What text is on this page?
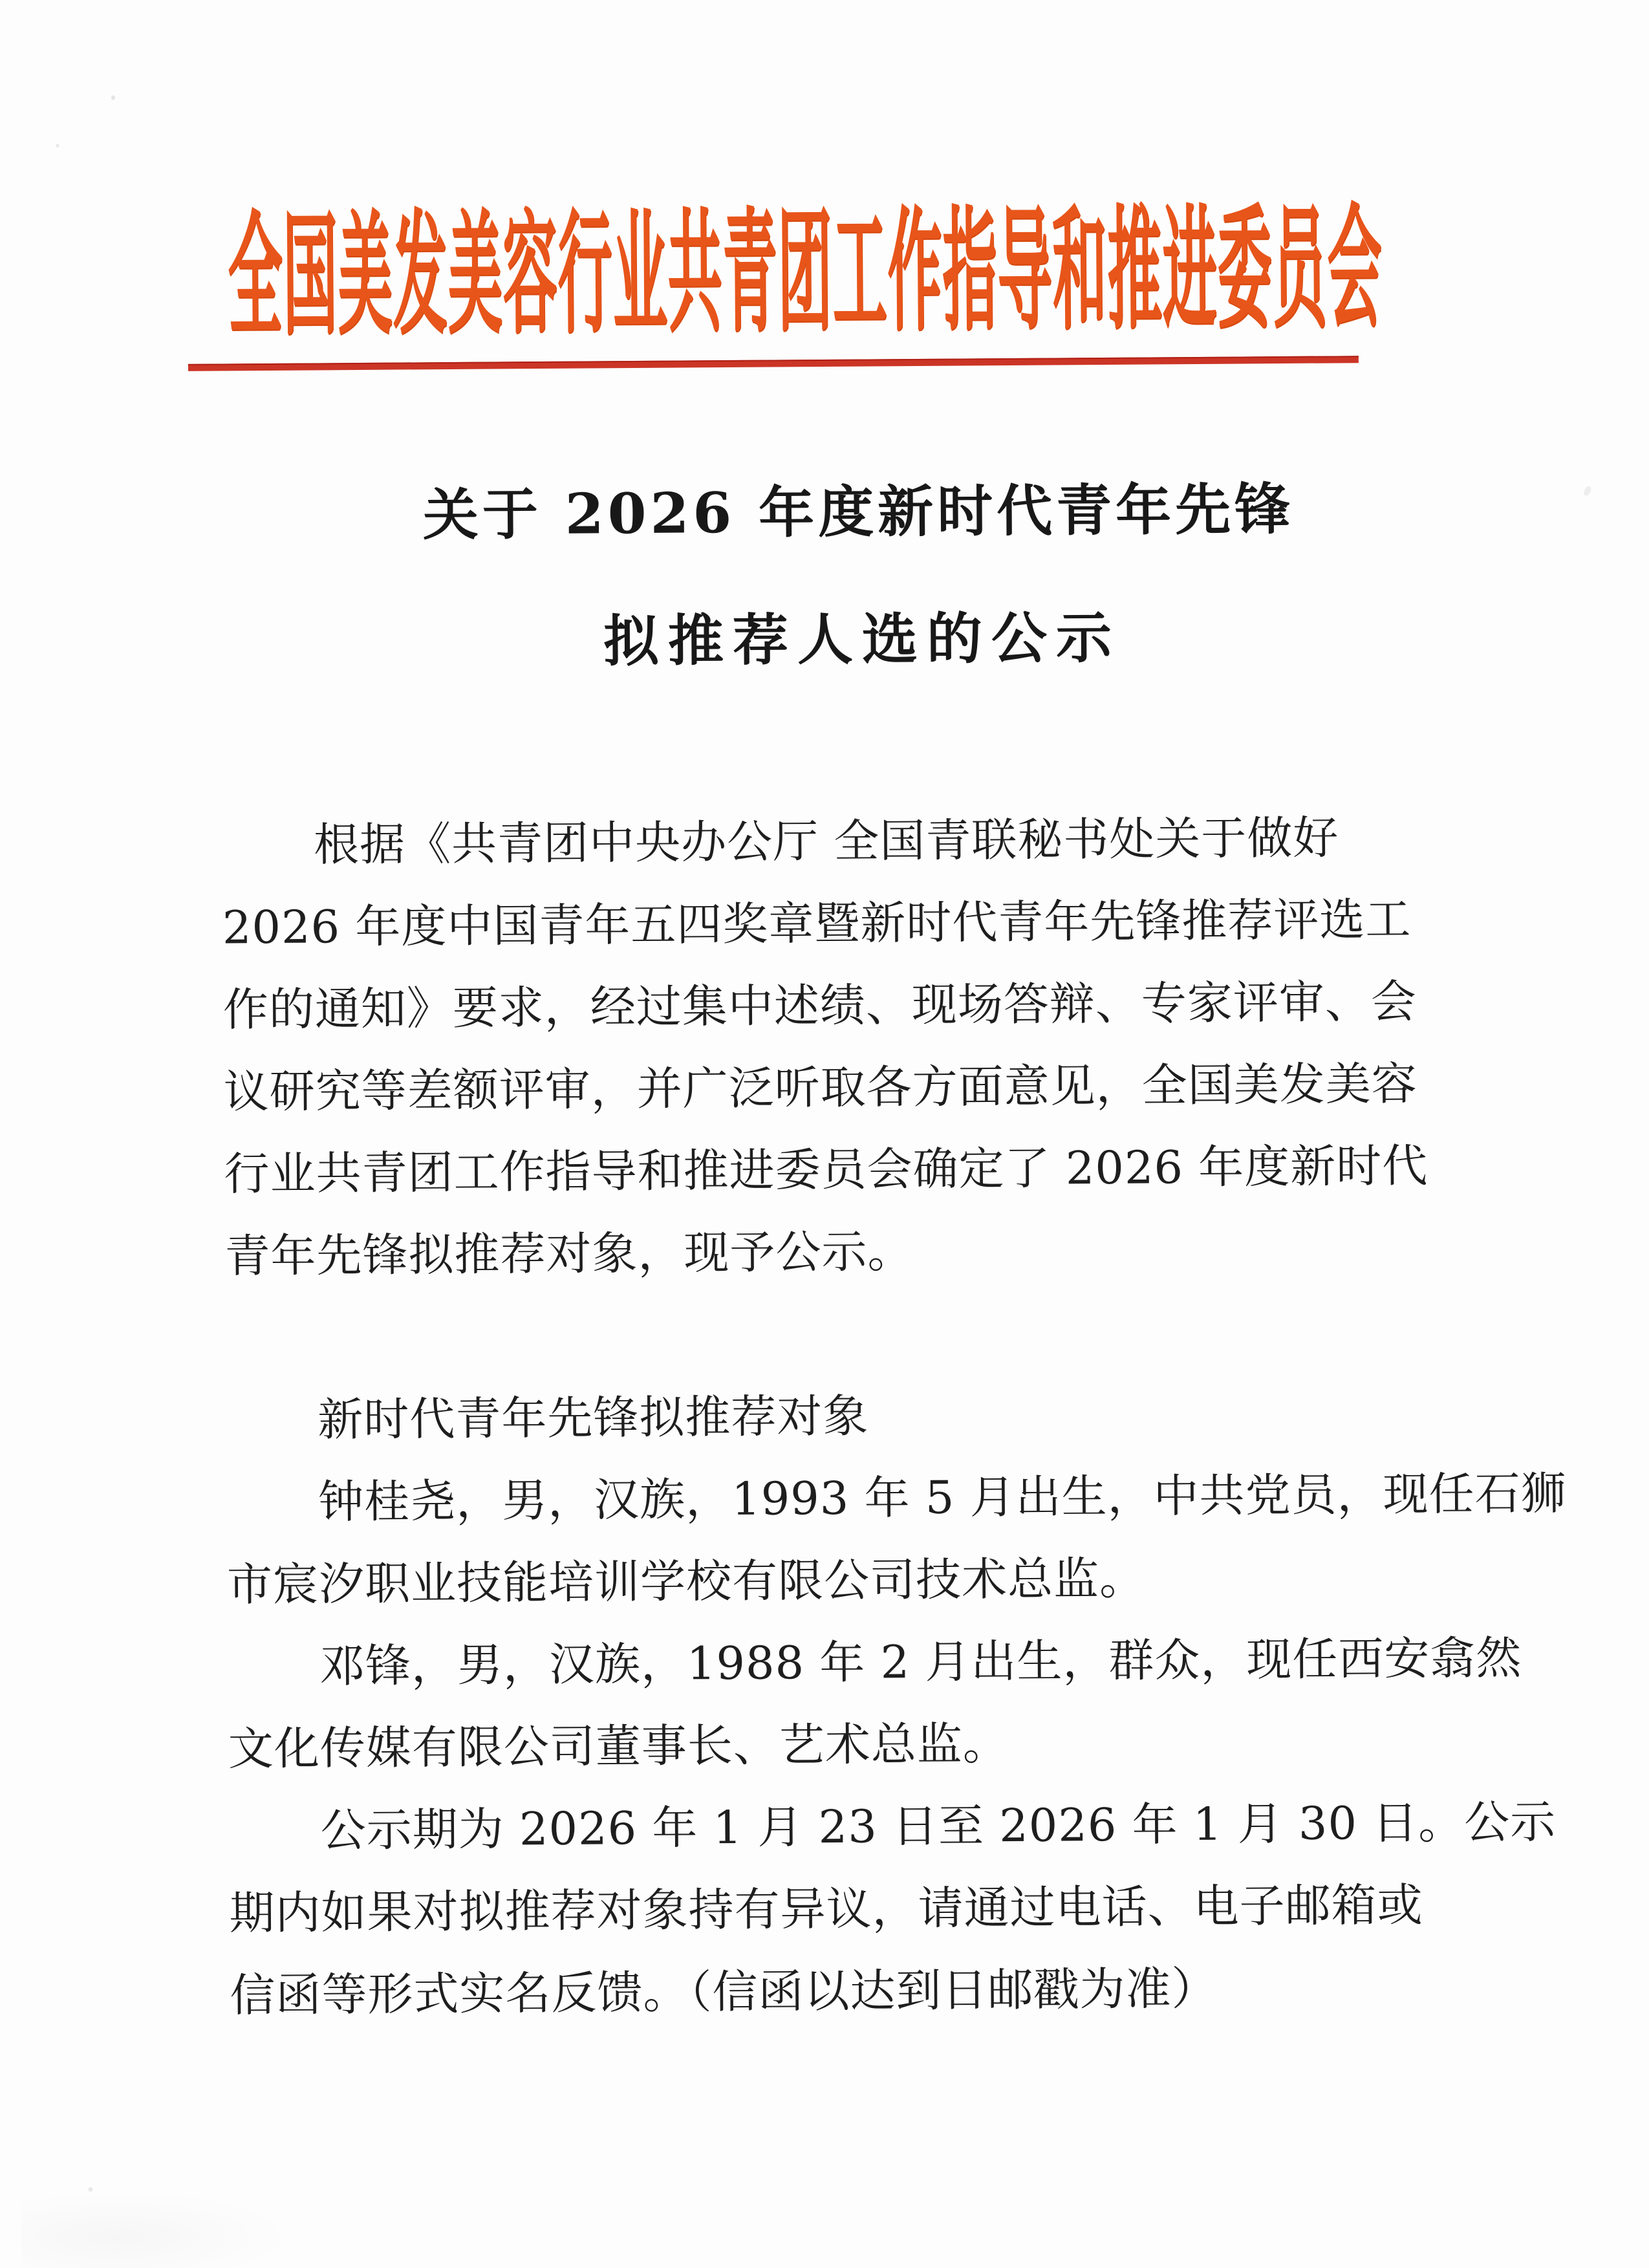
全国美发美容行业共青团工作指导和推进委员会
关于 2026 年度新时代青年先锋
拟推荐人选的公示

根据《共青团中央办公厅 全国青联秘书处关于做好

2026 年度中国青年五四奖章暨新时代青年先锋推荐评选工

作的通知》要求，经过集中述绩、现场答辩、专家评审、会

议研究等差额评审，并广泛听取各方面意见，全国美发美容

行业共青团工作指导和推进委员会确定了 2026 年度新时代

青年先锋拟推荐对象，现予公示。

新时代青年先锋拟推荐对象

钟桂尧，男，汉族，1993 年 5 月出生，中共党员，现任石狮

市宸汐职业技能培训学校有限公司技术总监。

邓锋，男，汉族，1988 年 2 月出生，群众，现任西安翕然

文化传媒有限公司董事长、艺术总监。

公示期为 2026 年 1 月 23 日至 2026 年 1 月 30 日。公示

期内如果对拟推荐对象持有异议，请通过电话、电子邮箱或

信函等形式实名反馈。（信函以达到日邮戳为准）
